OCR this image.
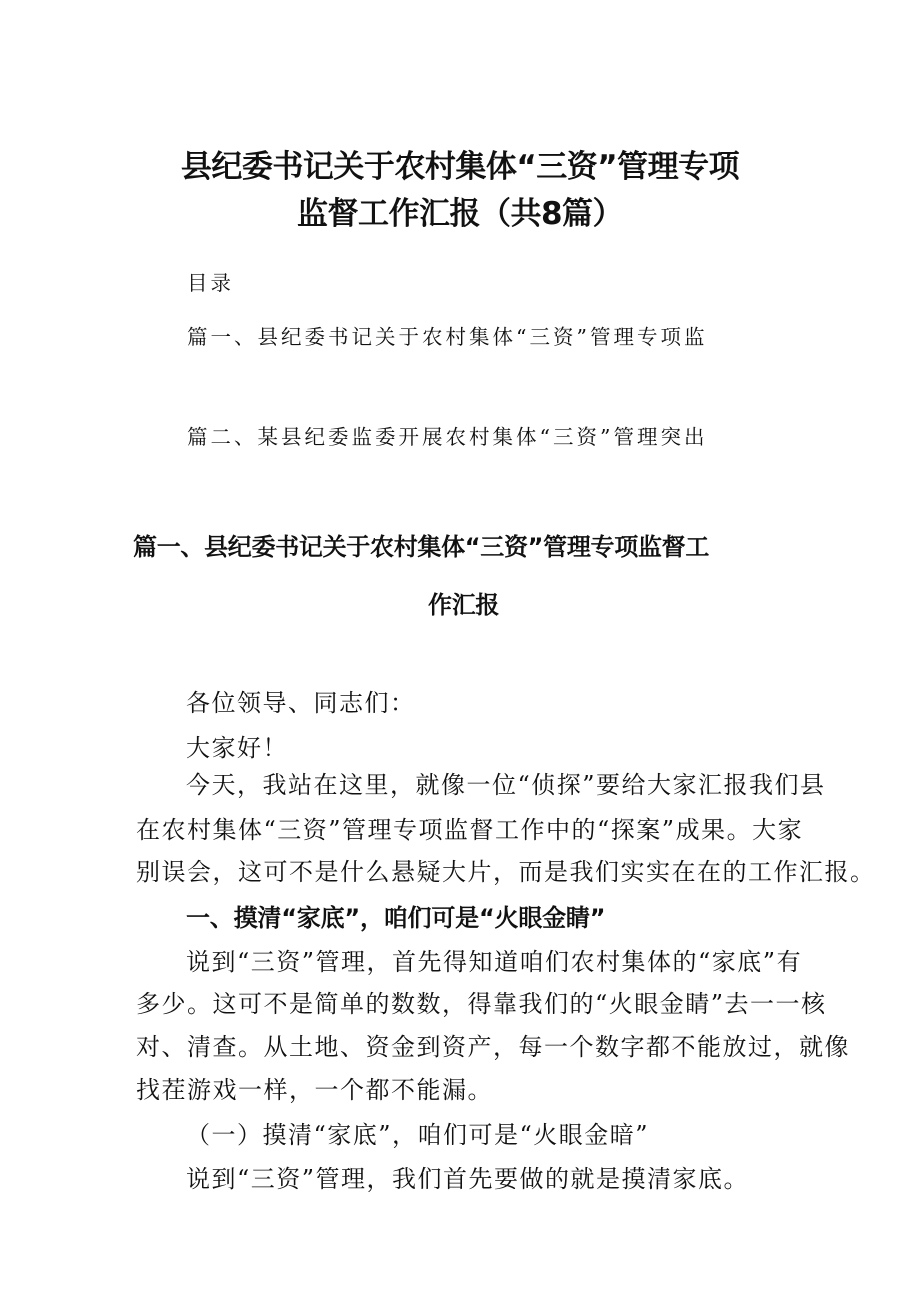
县纪委书记关于农村集体“三资”管理专项
监督工作汇报（共8篇）

目录

篇一、县纪委书记关于农村集体“三资”管理专项监

篇二、某县纪委监委开展农村集体“三资”管理突出

篇一、县纪委书记关于农村集体“三资”管理专项监督工
作汇报

各位领导、同志们：

大家好！

今天，我站在这里，就像一位“侦探”要给大家汇报我们县

在农村集体“三资”管理专项监督工作中的“探案”成果。大家

别误会，这可不是什么悬疑大片，而是我们实实在在的工作汇报。

一、摸清“家底”，咱们可是“火眼金睛”

说到“三资”管理，首先得知道咱们农村集体的“家底”有

多少。这可不是简单的数数，得靠我们的“火眼金睛”去一一核

对、清查。从土地、资金到资产，每一个数字都不能放过，就像

找茬游戏一样，一个都不能漏。

（一）摸清“家底”，咱们可是“火眼金暗”

说到“三资”管理，我们首先要做的就是摸清家底。
